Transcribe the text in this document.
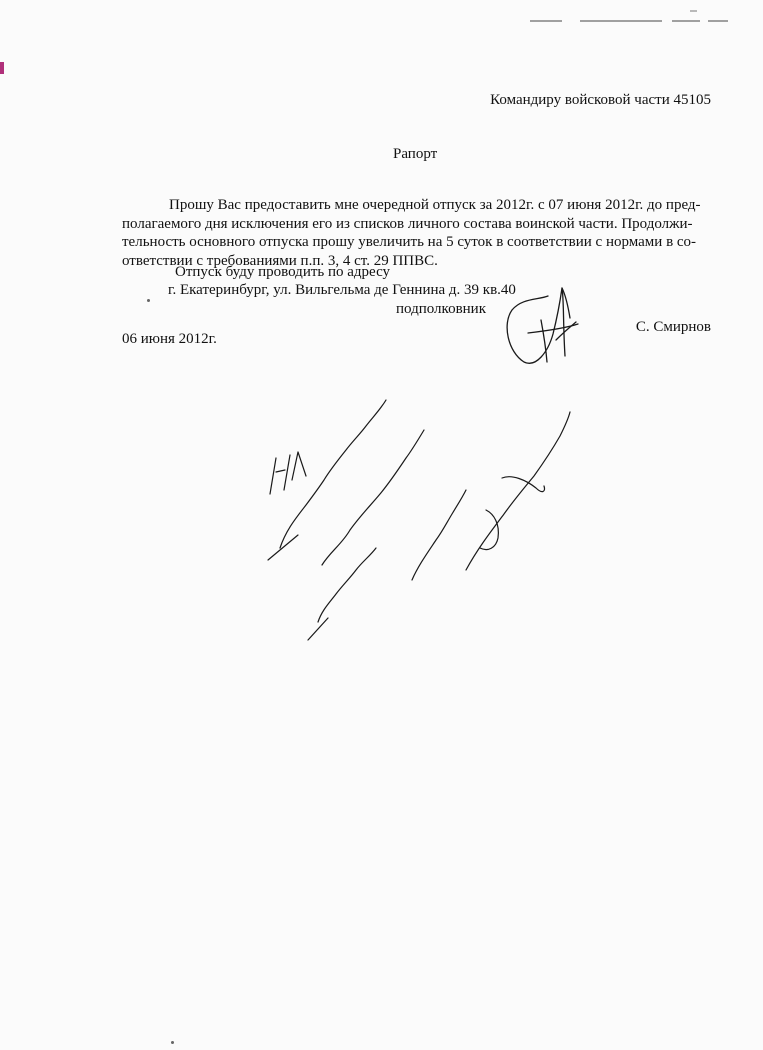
Командиру войсковой части 45105
Рапорт
Прошу Вас предоставить мне очередной отпуск за 2012г. с 07 июня 2012г. до пред-
полагаемого дня исключения его из списков личного состава воинской части. Продолжи-
тельность основного отпуска прошу увеличить на 5 суток в соответствии с нормами в со-
ответствии с требованиями п.п. 3, 4 ст. 29 ППВС.
Отпуск буду проводить по адресу
г. Екатеринбург, ул. Вильгельма де Геннина д. 39 кв.40
подполковник
С. Смирнов
06 июня 2012г.
